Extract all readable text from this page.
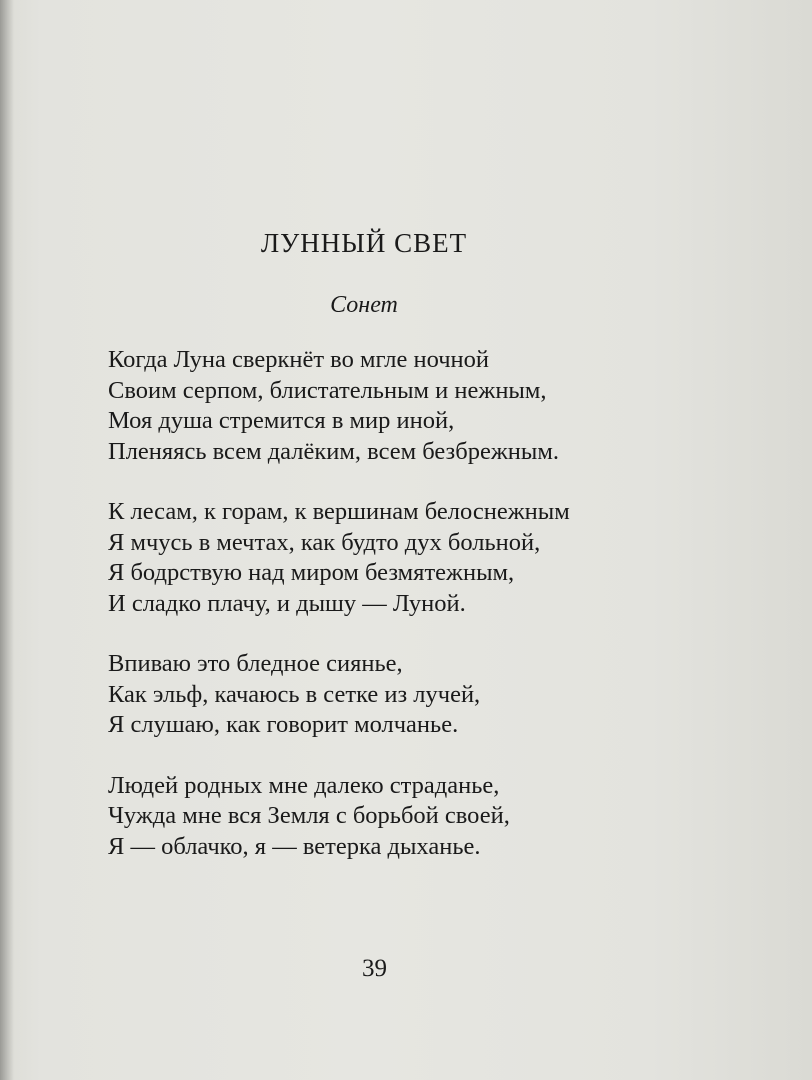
ЛУННЫЙ СВЕТ
Сонет
Когда Луна сверкнёт во мгле ночной
Своим серпом, блистательным и нежным,
Моя душа стремится в мир иной,
Пленяясь всем далёким, всем безбрежным.
К лесам, к горам, к вершинам белоснежным
Я мчусь в мечтах, как будто дух больной,
Я бодрствую над миром безмятежным,
И сладко плачу, и дышу — Луной.
Впиваю это бледное сиянье,
Как эльф, качаюсь в сетке из лучей,
Я слушаю, как говорит молчанье.
Людей родных мне далеко страданье,
Чужда мне вся Земля с борьбой своей,
Я — облачко, я — ветерка дыханье.
39
